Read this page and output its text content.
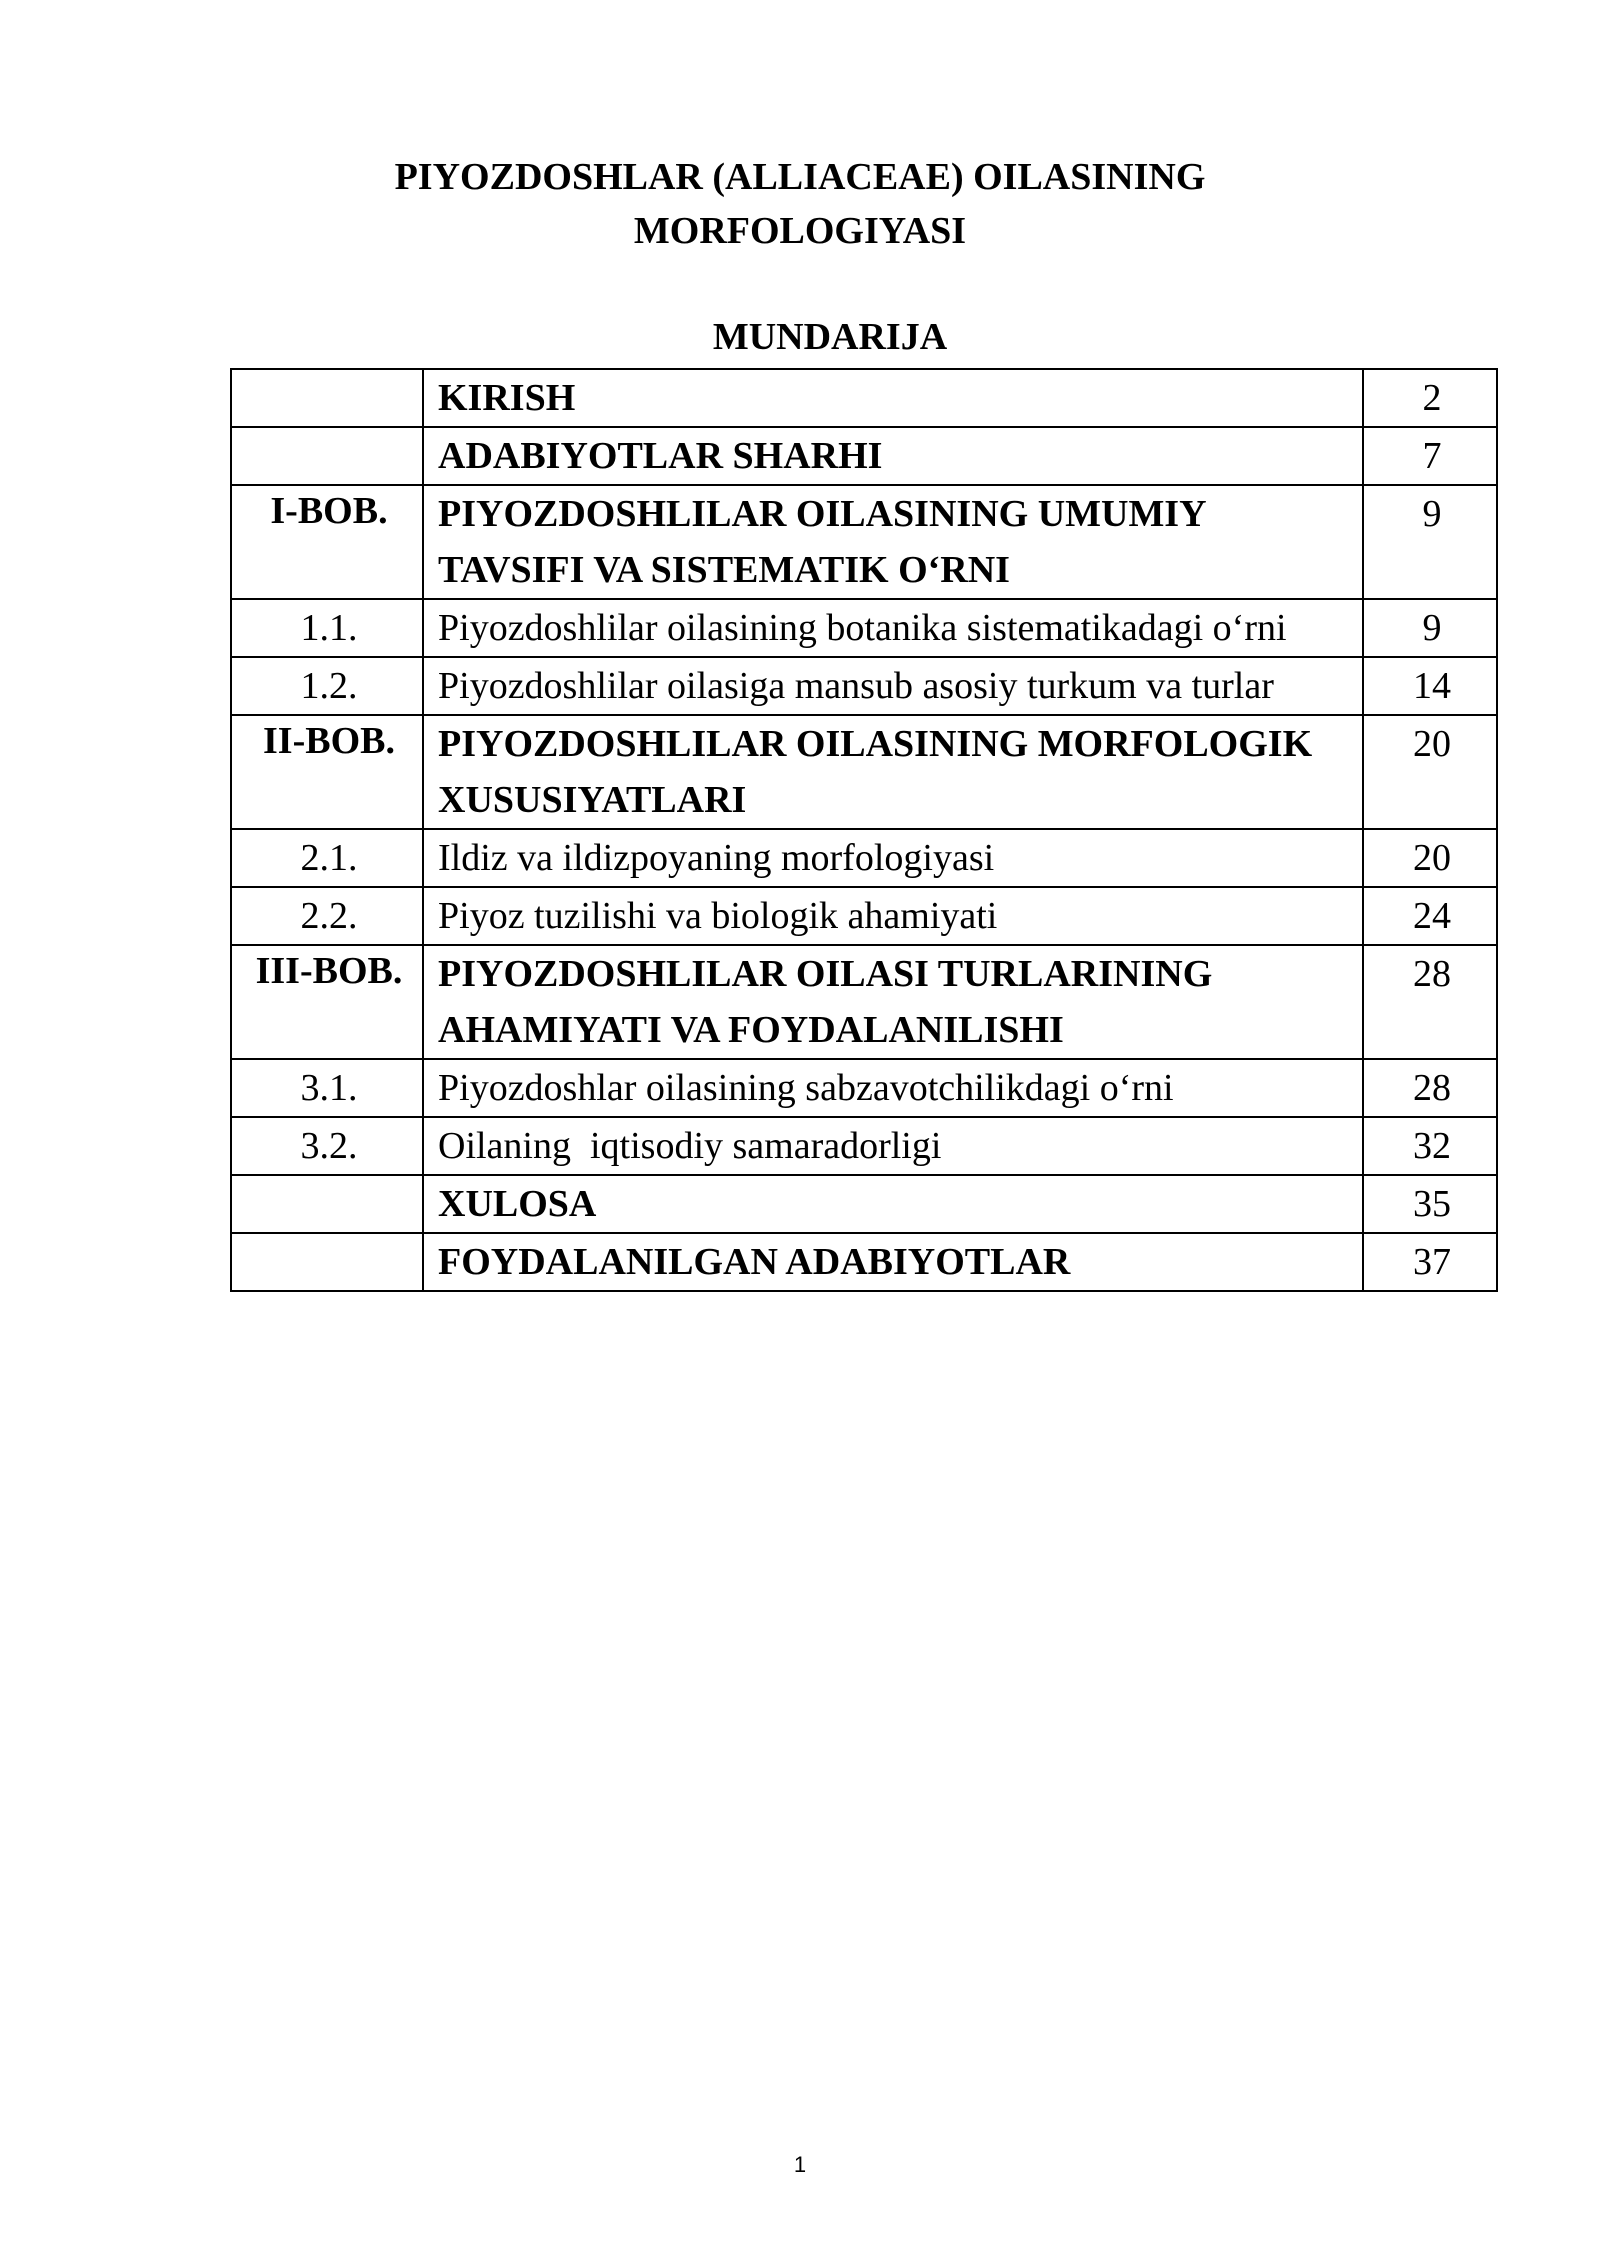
PIYOZDOSHLAR (ALLIACEAE) OILASINING
MORFOLOGIYASI
MUNDARIJA
	KIRISH	2
	ADABIYOTLAR SHARHI	7
I-BOB.	PIYOZDOSHLILAR OILASINING UMUMIY TAVSIFI VA SISTEMATIK O‘RNI	9
1.1.	Piyozdoshlilar oilasining botanika sistematikadagi o‘rni	9
1.2.	Piyozdoshlilar oilasiga mansub asosiy turkum va turlar	14
II-BOB.	PIYOZDOSHLILAR OILASINING MORFOLOGIK XUSUSIYATLARI	20
2.1.	Ildiz va ildizpoyaning morfologiyasi	20
2.2.	Piyoz tuzilishi va biologik ahamiyati	24
III-BOB.	PIYOZDOSHLILAR OILASI TURLARINING AHAMIYATI VA FOYDALANILISHI	28
3.1.	Piyozdoshlar oilasining sabzavotchilikdagi o‘rni	28
3.2.	Oilaning  iqtisodiy samaradorligi	32
	XULOSA	35
	FOYDALANILGAN ADABIYOTLAR	37
1
